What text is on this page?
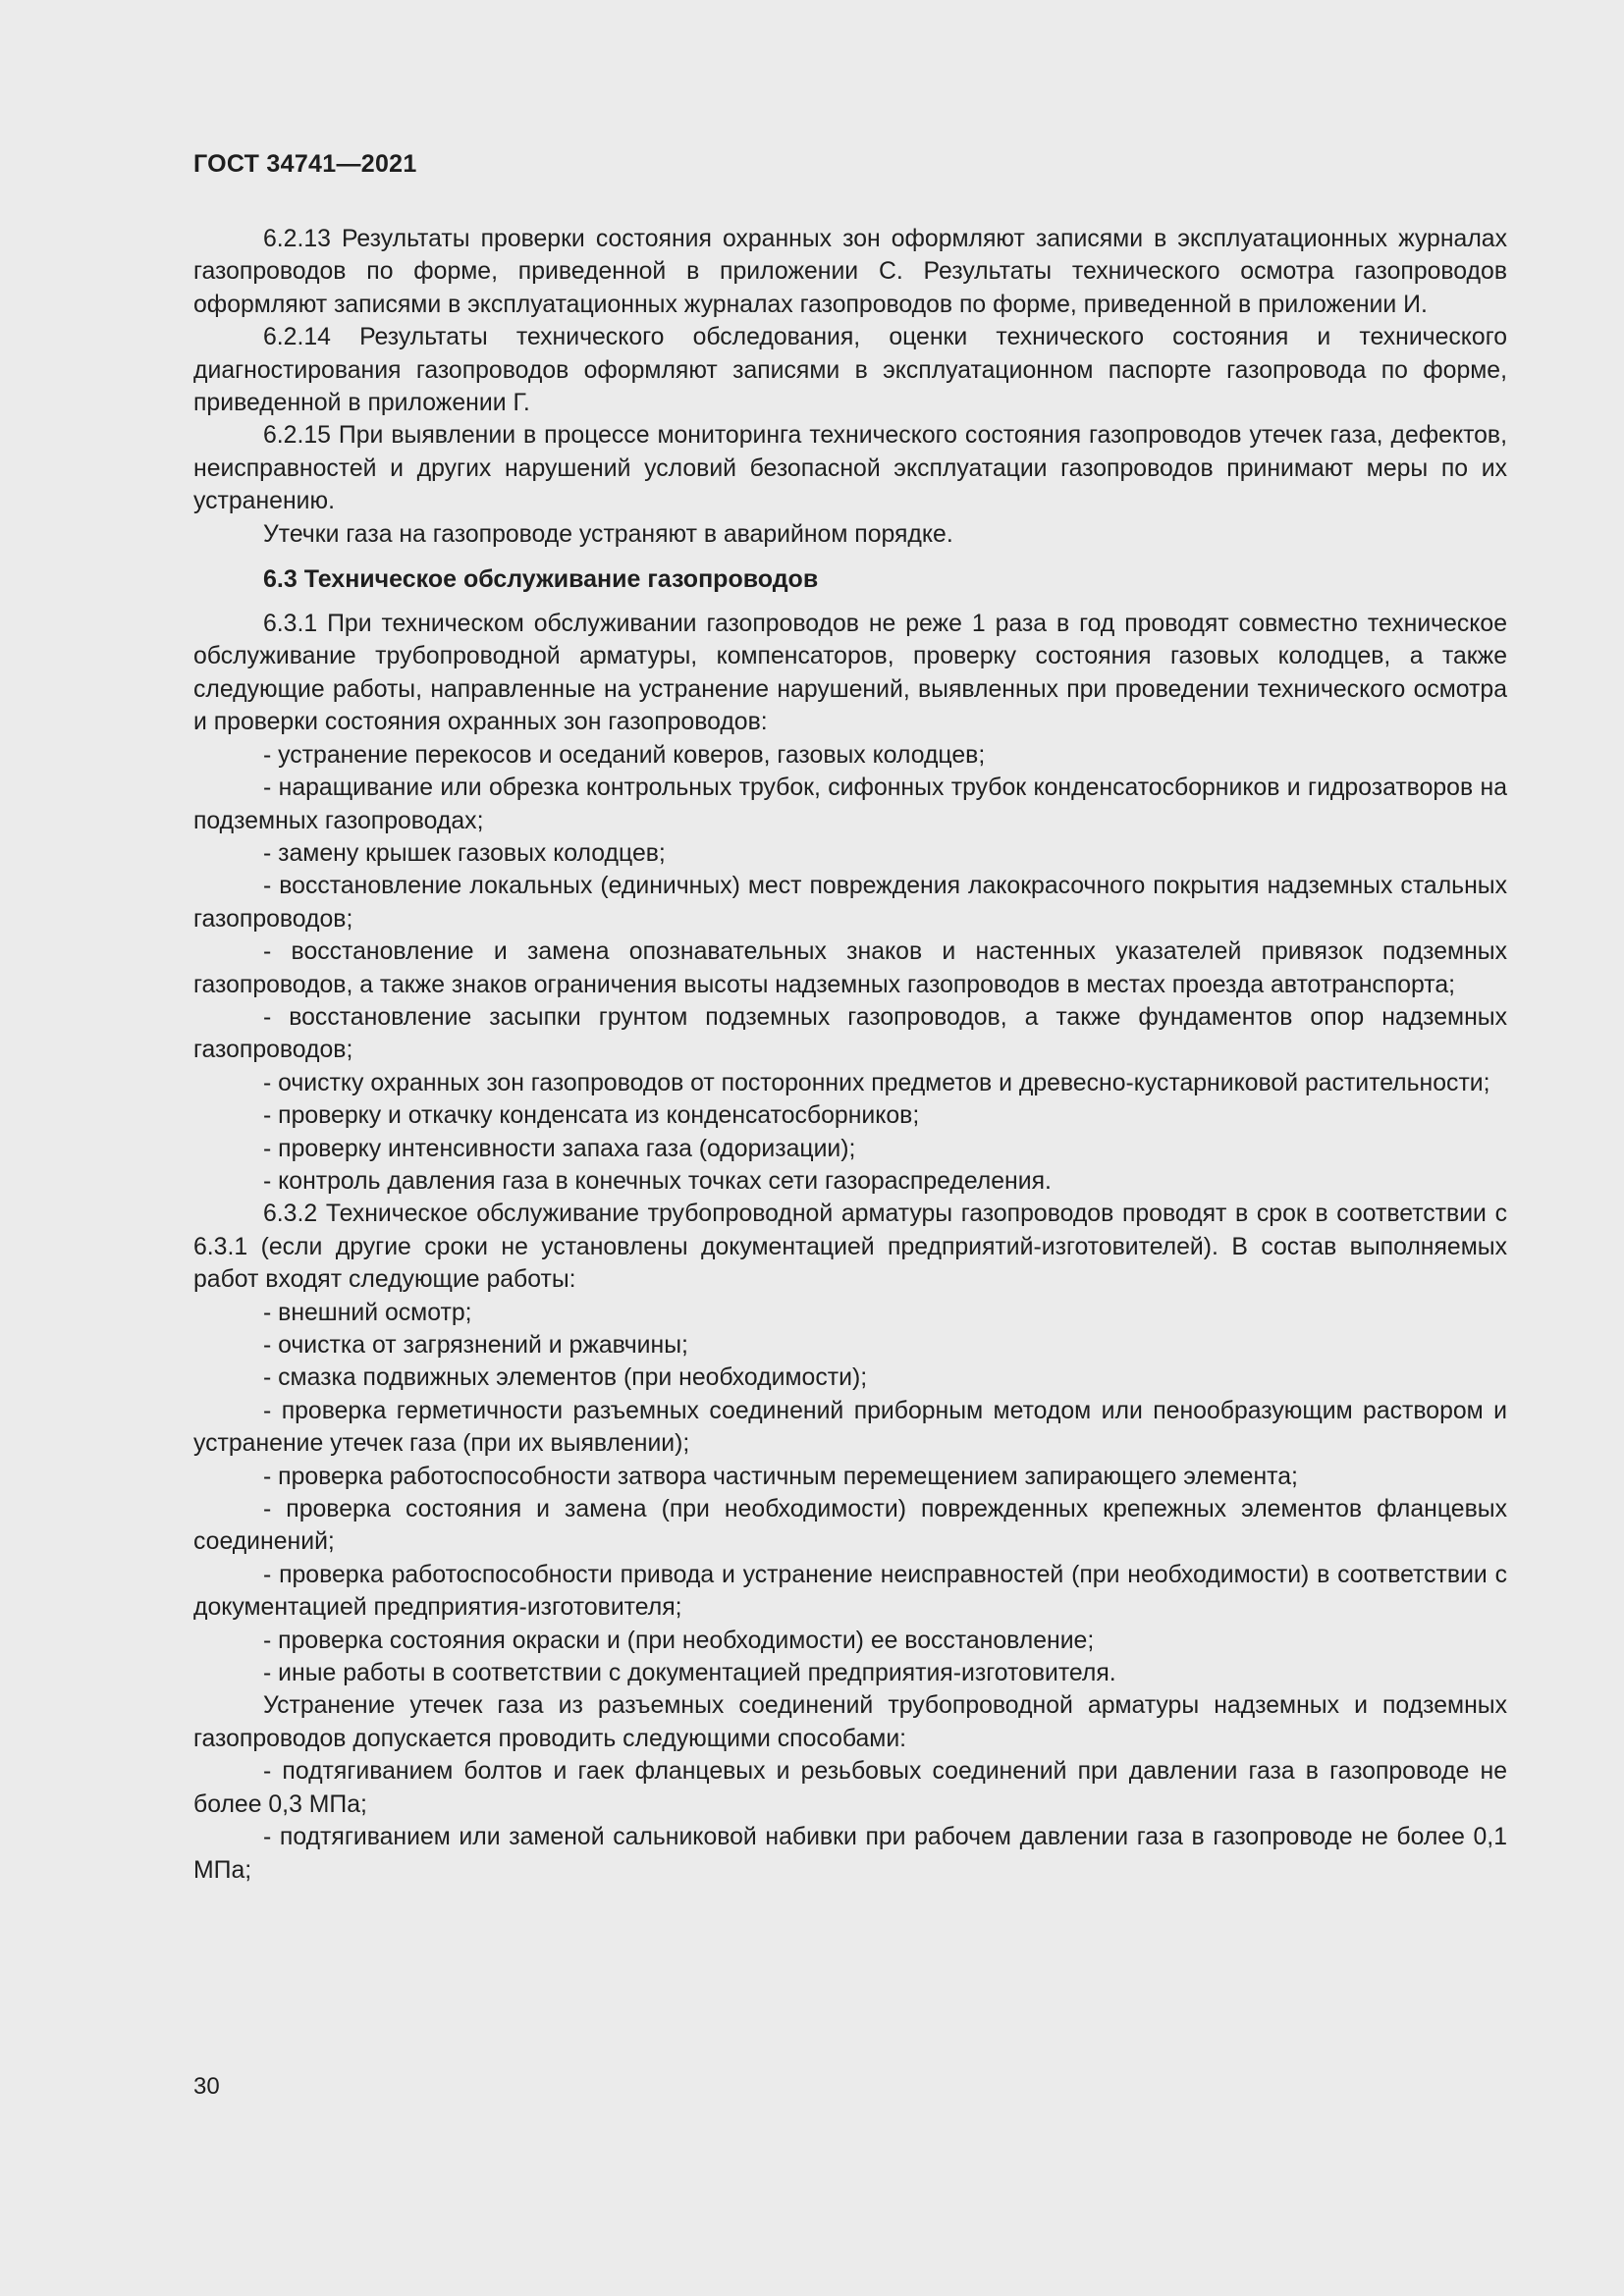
ГОСТ 34741—2021

6.2.13 Результаты проверки состояния охранных зон оформляют записями в эксплуатационных журналах газопроводов по форме, приведенной в приложении С. Результаты технического осмотра газопроводов оформляют записями в эксплуатационных журналах газопроводов по форме, приведенной в приложении И.

6.2.14 Результаты технического обследования, оценки технического состояния и технического диагностирования газопроводов оформляют записями в эксплуатационном паспорте газопровода по форме, приведенной в приложении Г.

6.2.15 При выявлении в процессе мониторинга технического состояния газопроводов утечек газа, дефектов, неисправностей и других нарушений условий безопасной эксплуатации газопроводов принимают меры по их устранению.

Утечки газа на газопроводе устраняют в аварийном порядке.

6.3 Техническое обслуживание газопроводов

6.3.1 При техническом обслуживании газопроводов не реже 1 раза в год проводят совместно техническое обслуживание трубопроводной арматуры, компенсаторов, проверку состояния газовых колодцев, а также следующие работы, направленные на устранение нарушений, выявленных при проведении технического осмотра и проверки состояния охранных зон газопроводов:

- устранение перекосов и оседаний коверов, газовых колодцев;

- наращивание или обрезка контрольных трубок, сифонных трубок конденсатосборников и гидрозатворов на подземных газопроводах;

- замену крышек газовых колодцев;

- восстановление локальных (единичных) мест повреждения лакокрасочного покрытия надземных стальных газопроводов;

- восстановление и замена опознавательных знаков и настенных указателей привязок подземных газопроводов, а также знаков ограничения высоты надземных газопроводов в местах проезда автотранспорта;

- восстановление засыпки грунтом подземных газопроводов, а также фундаментов опор надземных газопроводов;

- очистку охранных зон газопроводов от посторонних предметов и древесно-кустарниковой растительности;

- проверку и откачку конденсата из конденсатосборников;

- проверку интенсивности запаха газа (одоризации);

- контроль давления газа в конечных точках сети газораспределения.

6.3.2 Техническое обслуживание трубопроводной арматуры газопроводов проводят в срок в соответствии с 6.3.1 (если другие сроки не установлены документацией предприятий-изготовителей). В состав выполняемых работ входят следующие работы:

- внешний осмотр;

- очистка от загрязнений и ржавчины;

- смазка подвижных элементов (при необходимости);

- проверка герметичности разъемных соединений приборным методом или пенообразующим раствором и устранение утечек газа (при их выявлении);

- проверка работоспособности затвора частичным перемещением запирающего элемента;

- проверка состояния и замена (при необходимости) поврежденных крепежных элементов фланцевых соединений;

- проверка работоспособности привода и устранение неисправностей (при необходимости) в соответствии с документацией предприятия-изготовителя;

- проверка состояния окраски и (при необходимости) ее восстановление;

- иные работы в соответствии с документацией предприятия-изготовителя.

Устранение утечек газа из разъемных соединений трубопроводной арматуры надземных и подземных газопроводов допускается проводить следующими способами:

- подтягиванием болтов и гаек фланцевых и резьбовых соединений при давлении газа в газопроводе не более 0,3 МПа;

- подтягиванием или заменой сальниковой набивки при рабочем давлении газа в газопроводе не более 0,1 МПа;

30
